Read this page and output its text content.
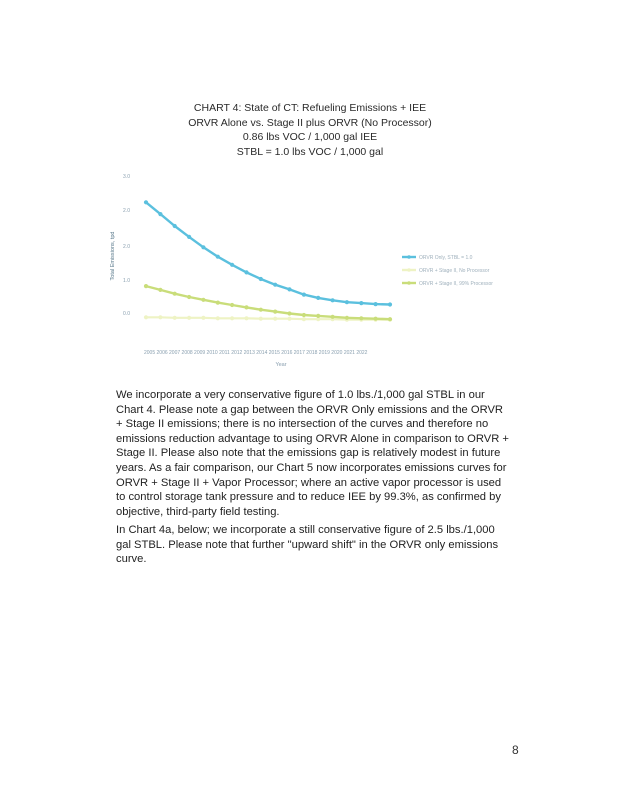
CHART 4: State of CT: Refueling Emissions + IEE
ORVR Alone vs. Stage II plus ORVR (No Processor)
0.86 lbs VOC / 1,000 gal IEE
STBL = 1.0 lbs VOC / 1,000 gal
0.0
1.0
2.0
2.0
3.0
Total Emissions, tpd	ORVR Only, STBL = 1.0
ORVR + Stage II, No Processor
ORVR + Stage II, 99% Processor
2005 2006 2007 2008 2009 2010 2011 2012 2013 2014 2015 2016 2017 2018 2019 2020 2021 2022
Year
We incorporate a very conservative figure of 1.0 lbs./1,000 gal STBL in our Chart 4. Please note a gap between the ORVR Only emissions and the ORVR + Stage II emissions; there is no intersection of the curves and therefore no emissions reduction advantage to using ORVR Alone in comparison to ORVR + Stage II. Please also note that the emissions gap is relatively modest in future years. As a fair comparison, our Chart 5 now incorporates emissions curves for ORVR + Stage II + Vapor Processor; where an active vapor processor is used to control storage tank pressure and to reduce IEE by 99.3%, as confirmed by objective, third-party field testing.
In Chart 4a, below; we incorporate a still conservative figure of 2.5 lbs./1,000 gal STBL. Please note that further "upward shift" in the ORVR only emissions curve.
8
